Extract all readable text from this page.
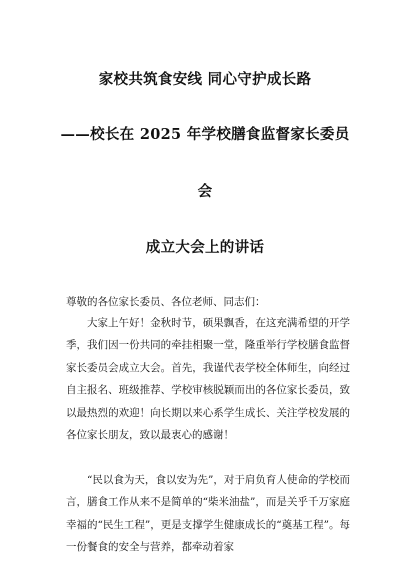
家校共筑食安线 同心守护成长路
——校长在 2025 年学校膳食监督家长委员
会
成立大会上的讲话
尊敬的各位家长委员、各位老师、同志们：

大家上午好！金秋时节，硕果飘香，在这充满希望的开学季，我们因一份共同的牵挂相聚一堂，隆重举行学校膳食监督家长委员会成立大会。首先，我谨代表学校全体师生，向经过自主报名、班级推荐、学校审核脱颖而出的各位家长委员，致以最热烈的欢迎！向长期以来心系学生成长、关注学校发展的各位家长朋友，致以最衷心的感谢！

“民以食为天，食以安为先”，对于肩负育人使命的学校而言，膳食工作从来不是简单的“柴米油盐”，而是关乎千万家庭幸福的“民生工程”，更是支撑学生健康成长的“奠基工程”。每一份餐食的安全与营养，都牵动着家
